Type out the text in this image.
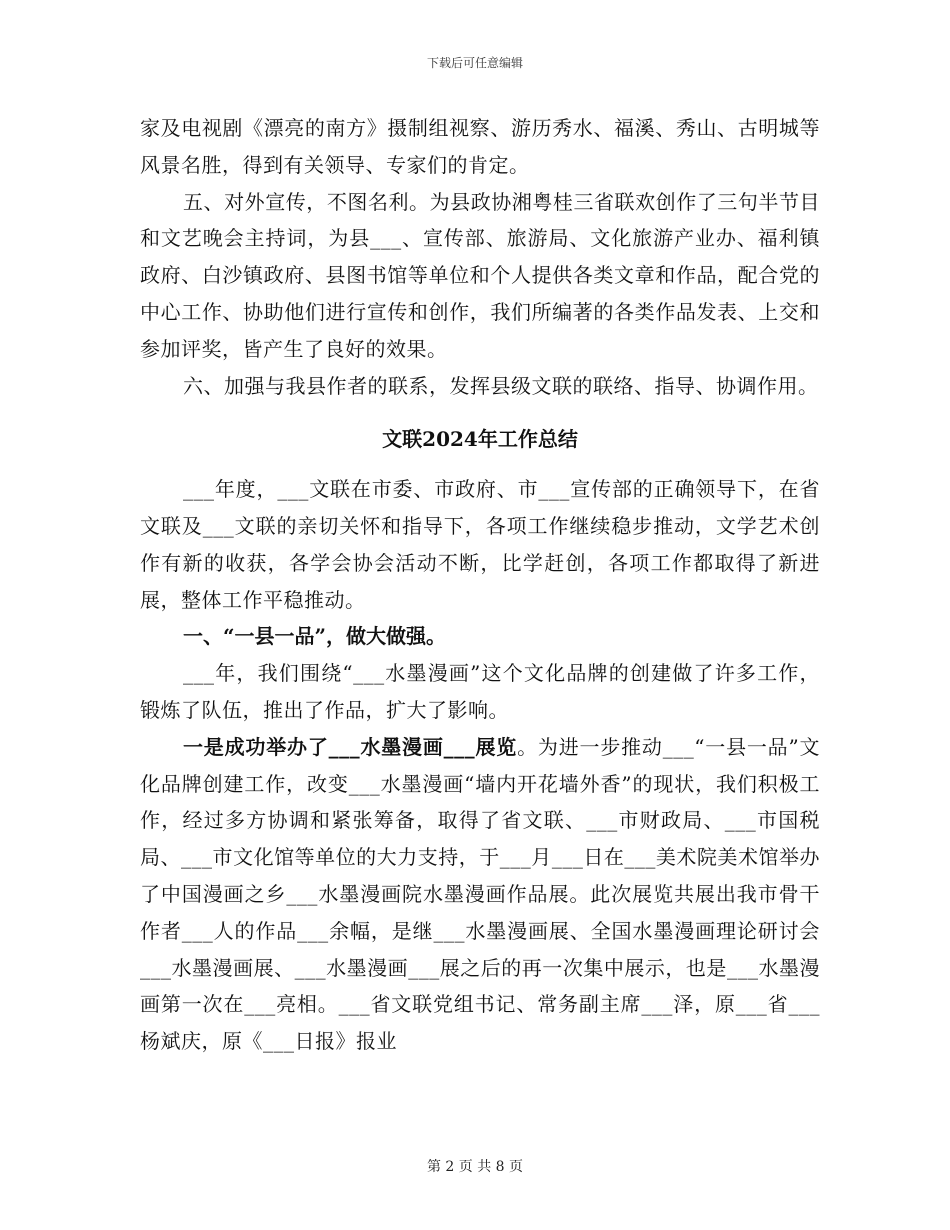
下载后可任意编辑

家及电视剧《漂亮的南方》摄制组视察、游历秀水、福溪、秀山、古明城等风景名胜，得到有关领导、专家们的肯定。

五、对外宣传，不图名利。为县政协湘粤桂三省联欢创作了三句半节目和文艺晚会主持词，为县___、宣传部、旅游局、文化旅游产业办、福利镇政府、白沙镇政府、县图书馆等单位和个人提供各类文章和作品，配合党的中心工作、协助他们进行宣传和创作，我们所编著的各类作品发表、上交和参加评奖，皆产生了良好的效果。

六、加强与我县作者的联系，发挥县级文联的联络、指导、协调作用。

文联2024年工作总结

___年度，___文联在市委、市政府、市___宣传部的正确领导下，在省文联及___文联的亲切关怀和指导下，各项工作继续稳步推动，文学艺术创作有新的收获，各学会协会活动不断，比学赶创，各项工作都取得了新进展，整体工作平稳推动。

一、“一县一品”，做大做强。

___年，我们围绕“___水墨漫画”这个文化品牌的创建做了许多工作，锻炼了队伍，推出了作品，扩大了影响。

一是成功举办了___水墨漫画___展览。为进一步推动___“一县一品”文化品牌创建工作，改变___水墨漫画“墙内开花墙外香”的现状，我们积极工作，经过多方协调和紧张筹备，取得了省文联、___市财政局、___市国税局、___市文化馆等单位的大力支持，于___月___日在___美术院美术馆举办了中国漫画之乡___水墨漫画院水墨漫画作品展。此次展览共展出我市骨干作者___人的作品___余幅，是继___水墨漫画展、全国水墨漫画理论研讨会___水墨漫画展、___水墨漫画___展之后的再一次集中展示，也是___水墨漫画第一次在___亮相。___省文联党组书记、常务副主席___泽，原___省___杨斌庆，原《___日报》报业

第 2 页 共 8 页
